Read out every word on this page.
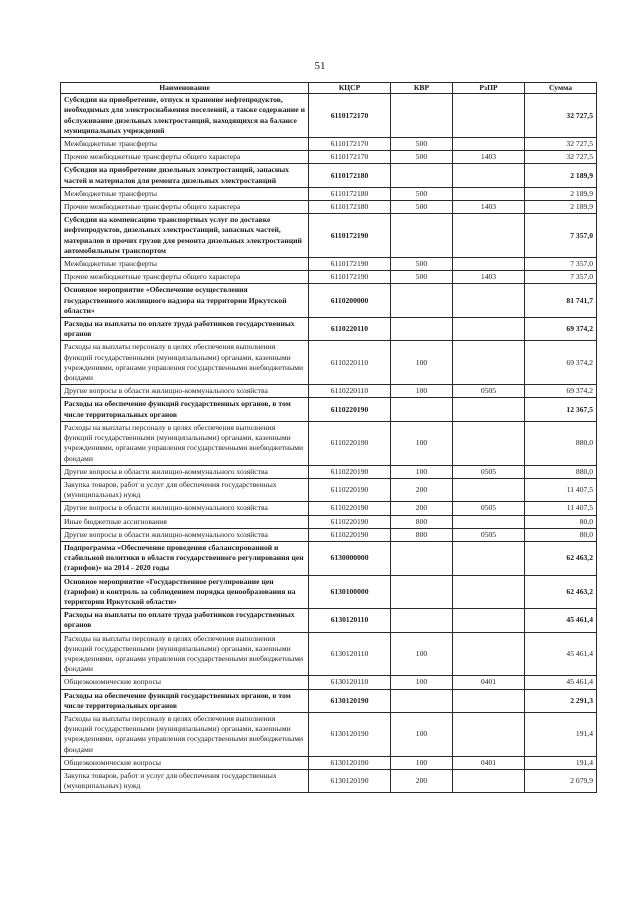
51
Наименование	КЦСР	КВР	РзПР	Сумма
Субсидии на приобретение, отпуск и хранение нефтепродуктов, необходимых для электроснабжения поселений, а также содержание и обслуживание дизельных электростанций, находящихся на балансе муниципальных учреждений	6110172170			32 727,5
Межбюджетные трансферты	6110172170	500		32 727,5
Прочие межбюджетные трансферты общего характера	6110172170	500	1403	32 727,5
Субсидии на приобретение дизельных электростанций, запасных частей и материалов для ремонта дизельных электростанций	6110172180			2 189,9
Межбюджетные трансферты	6110172180	500		2 189,9
Прочие межбюджетные трансферты общего характера	6110172180	500	1403	2 189,9
Субсидии на компенсацию транспортных услуг по доставке нефтепродуктов, дизельных электростанций, запасных частей, материалов и прочих грузов для ремонта дизельных электростанций автомобильным транспортом	6110172190			7 357,0
Межбюджетные трансферты	6110172190	500		7 357,0
Прочие межбюджетные трансферты общего характера	6110172190	500	1403	7 357,0
Основное мероприятие «Обеспечение осуществления государственного жилищного надзора на территории Иркутской области»	6110200000			81 741,7
Расходы на выплаты по оплате труда работников государственных органов	6110220110			69 374,2
Расходы на выплаты персоналу в целях обеспечения выполнения функций государственными (муниципальными) органами, казенными учреждениями, органами управления государственными внебюджетными фондами	6110220110	100		69 374,2
Другие вопросы в области жилищно-коммунального хозяйства	6110220110	100	0505	69 374,2
Расходы на обеспечение функций государственных органов, в том числе территориальных органов	6110220190			12 367,5
Расходы на выплаты персоналу в целях обеспечения выполнения функций государственными (муниципальными) органами, казенными учреждениями, органами управления государственными внебюджетными фондами	6110220190	100		880,0
Другие вопросы в области жилищно-коммунального хозяйства	6110220190	100	0505	880,0
Закупка товаров, работ и услуг для обеспечения государственных (муниципальных) нужд	6110220190	200		11 407,5
Другие вопросы в области жилищно-коммунального хозяйства	6110220190	200	0505	11 407,5
Иные бюджетные ассигнования	6110220190	800		80,0
Другие вопросы в области жилищно-коммунального хозяйства	6110220190	800	0505	80,0
Подпрограмма «Обеспечение проведения сбалансированной и стабильной политики в области государственного регулирования цен (тарифов)» на 2014 - 2020 годы	6130000000			62 463,2
Основное мероприятие «Государственное регулирование цен (тарифов) и контроль за соблюдением порядка ценообразования на территории Иркутской области»	6130100000			62 463,2
Расходы на выплаты по оплате труда работников государственных органов	6130120110			45 461,4
Расходы на выплаты персоналу в целях обеспечения выполнения функций государственными (муниципальными) органами, казенными учреждениями, органами управления государственными внебюджетными фондами	6130120110	100		45 461,4
Общеэкономические вопросы	6130120110	100	0401	45 461,4
Расходы на обеспечение функций государственных органов, в том числе территориальных органов	6130120190			2 291,3
Расходы на выплаты персоналу в целях обеспечения выполнения функций государственными (муниципальными) органами, казенными учреждениями, органами управления государственными внебюджетными фондами	6130120190	100		191,4
Общеэкономические вопросы	6130120190	100	0401	191,4
Закупка товаров, работ и услуг для обеспечения государственных (муниципальных) нужд	6130120190	200		2 079,9
